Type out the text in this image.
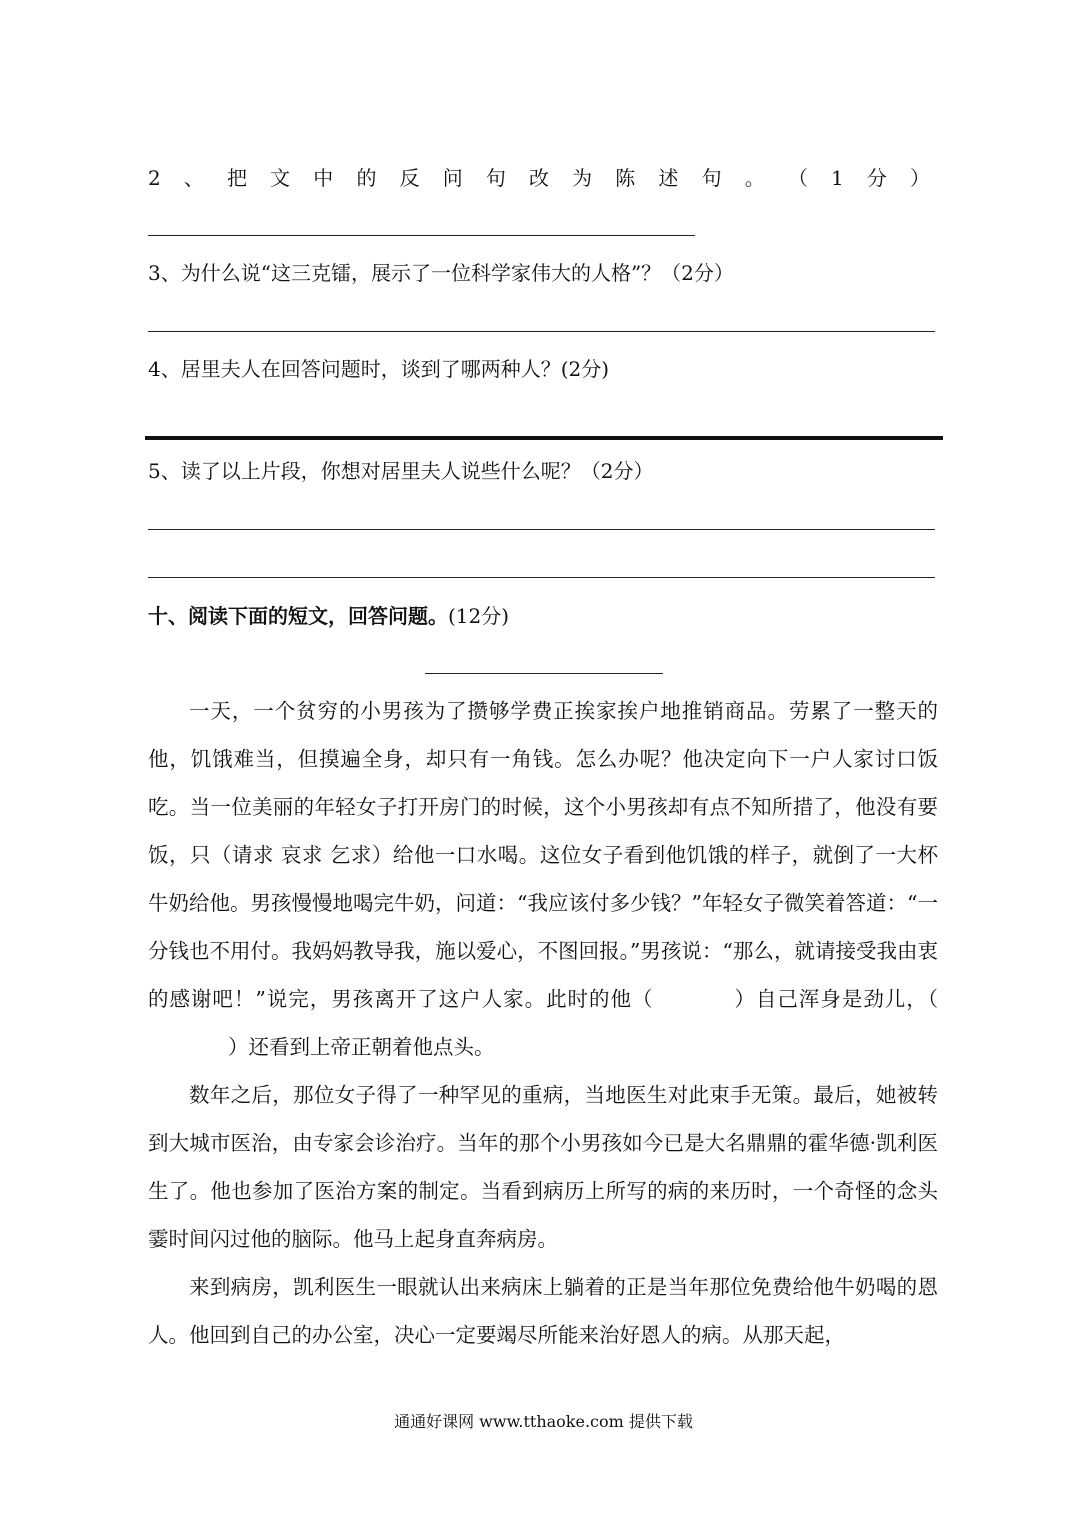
2 、 把 文 中 的 反 问 句 改 为 陈 述 句 。 （ 1 分 ）
3、为什么说“这三克镭，展示了一位科学家伟大的人格”？（2分）
4、居里夫人在回答问题时，谈到了哪两种人？(2分)
5、读了以上片段，你想对居里夫人说些什么呢？（2分）
十、阅读下面的短文，回答问题。(12分)

一天，一个贫穷的小男孩为了攒够学费正挨家挨户地推销商品。劳累了一整天的他，饥饿难当，但摸遍全身，却只有一角钱。怎么办呢？他决定向下一户人家讨口饭吃。当一位美丽的年轻女子打开房门的时候，这个小男孩却有点不知所措了，他没有要饭，只（请求 哀求 乞求）给他一口水喝。这位女子看到他饥饿的样子，就倒了一大杯牛奶给他。男孩慢慢地喝完牛奶，问道：“我应该付多少钱？”年轻女子微笑着答道：“一分钱也不用付。我妈妈教导我，施以爱心，不图回报。”男孩说：“那么，就请接受我由衷的感谢吧！”说完，男孩离开了这户人家。此时的他（	）自己浑身是劲儿，（）还看到上帝正朝着他点头。

数年之后，那位女子得了一种罕见的重病，当地医生对此束手无策。最后，她被转到大城市医治，由专家会诊治疗。当年的那个小男孩如今已是大名鼎鼎的霍华德·凯利医生了。他也参加了医治方案的制定。当看到病历上所写的病的来历时，一个奇怪的念头霎时间闪过他的脑际。他马上起身直奔病房。

来到病房，凯利医生一眼就认出来病床上躺着的正是当年那位免费给他牛奶喝的恩人。他回到自己的办公室，决心一定要竭尽所能来治好恩人的病。从那天起，

通通好课网 www.tthaoke.com 提供下载
